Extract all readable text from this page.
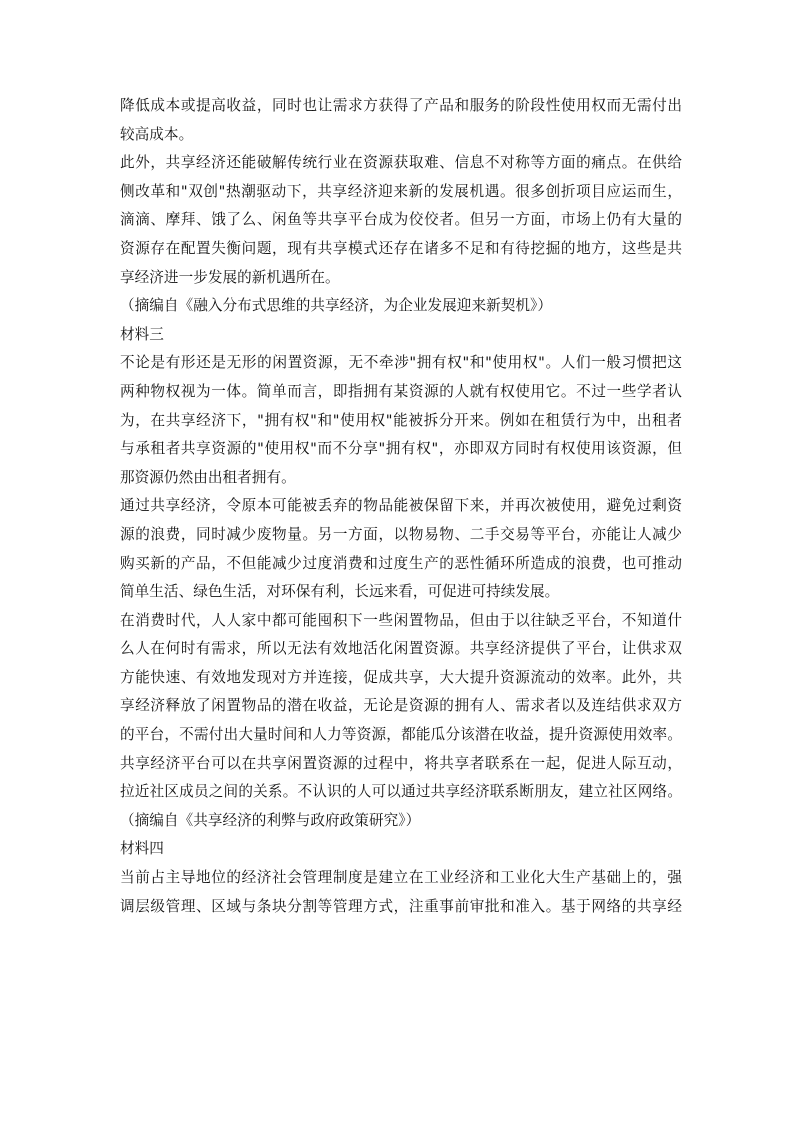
降低成本或提高收益，同时也让需求方获得了产品和服务的阶段性使用权而无需付出
较高成本。
此外，共享经济还能破解传统行业在资源获取难、信息不对称等方面的痛点。在供给
侧改革和"双创"热潮驱动下，共享经济迎来新的发展机遇。很多创折项目应运而生，
滴滴、摩拜、饿了么、闲鱼等共享平台成为佼佼者。但另一方面，市场上仍有大量的
资源存在配置失衡问题，现有共享模式还存在诸多不足和有待挖掘的地方，这些是共
享经济进一步发展的新机遇所在。
（摘编自《融入分布式思维的共享经济，为企业发展迎来新契机》）
材料三
不论是有形还是无形的闲置资源，无不牵涉"拥有权"和"使用权"。人们一般习惯把这
两种物权视为一体。简单而言，即指拥有某资源的人就有权使用它。不过一些学者认
为，在共享经济下，"拥有权"和"使用权"能被拆分开来。例如在租赁行为中，出租者
与承租者共享资源的"使用权"而不分享"拥有权"，亦即双方同时有权使用该资源，但
那资源仍然由出租者拥有。
通过共享经济，令原本可能被丢弃的物品能被保留下来，并再次被使用，避免过剩资
源的浪费，同时减少废物量。另一方面，以物易物、二手交易等平台，亦能让人减少
购买新的产品，不但能减少过度消费和过度生产的恶性循环所造成的浪费，也可推动
简单生活、绿色生活，对环保有利，长远来看，可促进可持续发展。
在消费时代，人人家中都可能囤积下一些闲置物品，但由于以往缺乏平台，不知道什
么人在何时有需求，所以无法有效地活化闲置资源。共享经济提供了平台，让供求双
方能快速、有效地发现对方并连接，促成共享，大大提升资源流动的效率。此外，共
享经济释放了闲置物品的潜在收益，无论是资源的拥有人、需求者以及连结供求双方
的平台，不需付出大量时间和人力等资源，都能瓜分该潜在收益，提升资源使用效率。
共享经济平台可以在共享闲置资源的过程中，将共享者联系在一起，促进人际互动，
拉近社区成员之间的关系。不认识的人可以通过共享经济联系断朋友，建立社区网络。
（摘编自《共享经济的利弊与政府政策研究》）
材料四
当前占主导地位的经济社会管理制度是建立在工业经济和工业化大生产基础上的，强
调层级管理、区域与条块分割等管理方式，注重事前审批和准入。基于网络的共享经
